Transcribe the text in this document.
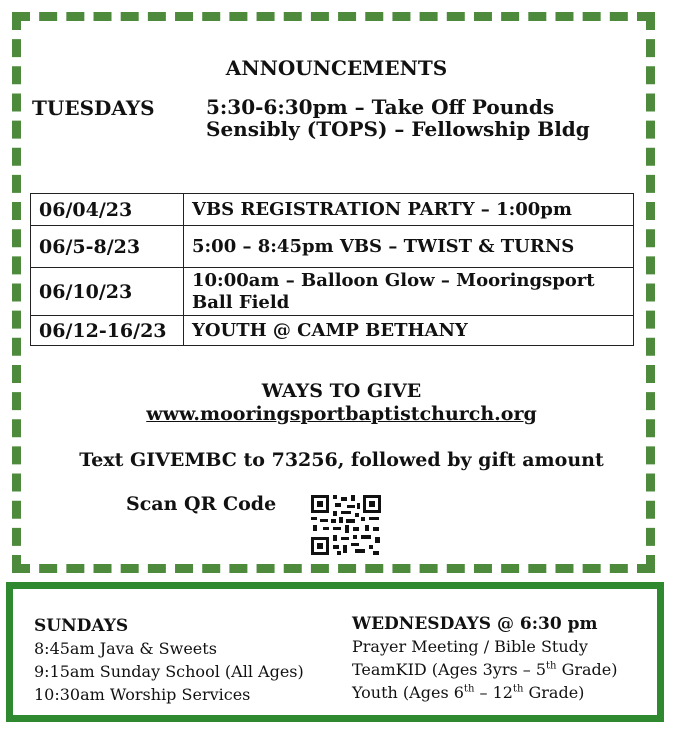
ANNOUNCEMENTS
TUESDAYS	5:30-6:30pm – Take Off Pounds
Sensibly (TOPS) – Fellowship Bldg
06/04/23	VBS REGISTRATION PARTY – 1:00pm
06/5-8/23	5:00 – 8:45pm VBS – TWIST & TURNS
06/10/23	10:00am – Balloon Glow – Mooringsport Ball Field
06/12-16/23	YOUTH @ CAMP BETHANY
WAYS TO GIVE
www.mooringsportbaptistchurch.org
Text GIVEMBC to 73256, followed by gift amount
Scan QR Code
SUNDAYS
8:45am Java & Sweets
9:15am Sunday School (All Ages)
10:30am Worship Services
WEDNESDAYS @ 6:30 pm
Prayer Meeting / Bible Study
TeamKID (Ages 3yrs – 5th Grade)
Youth (Ages 6th – 12th Grade)
